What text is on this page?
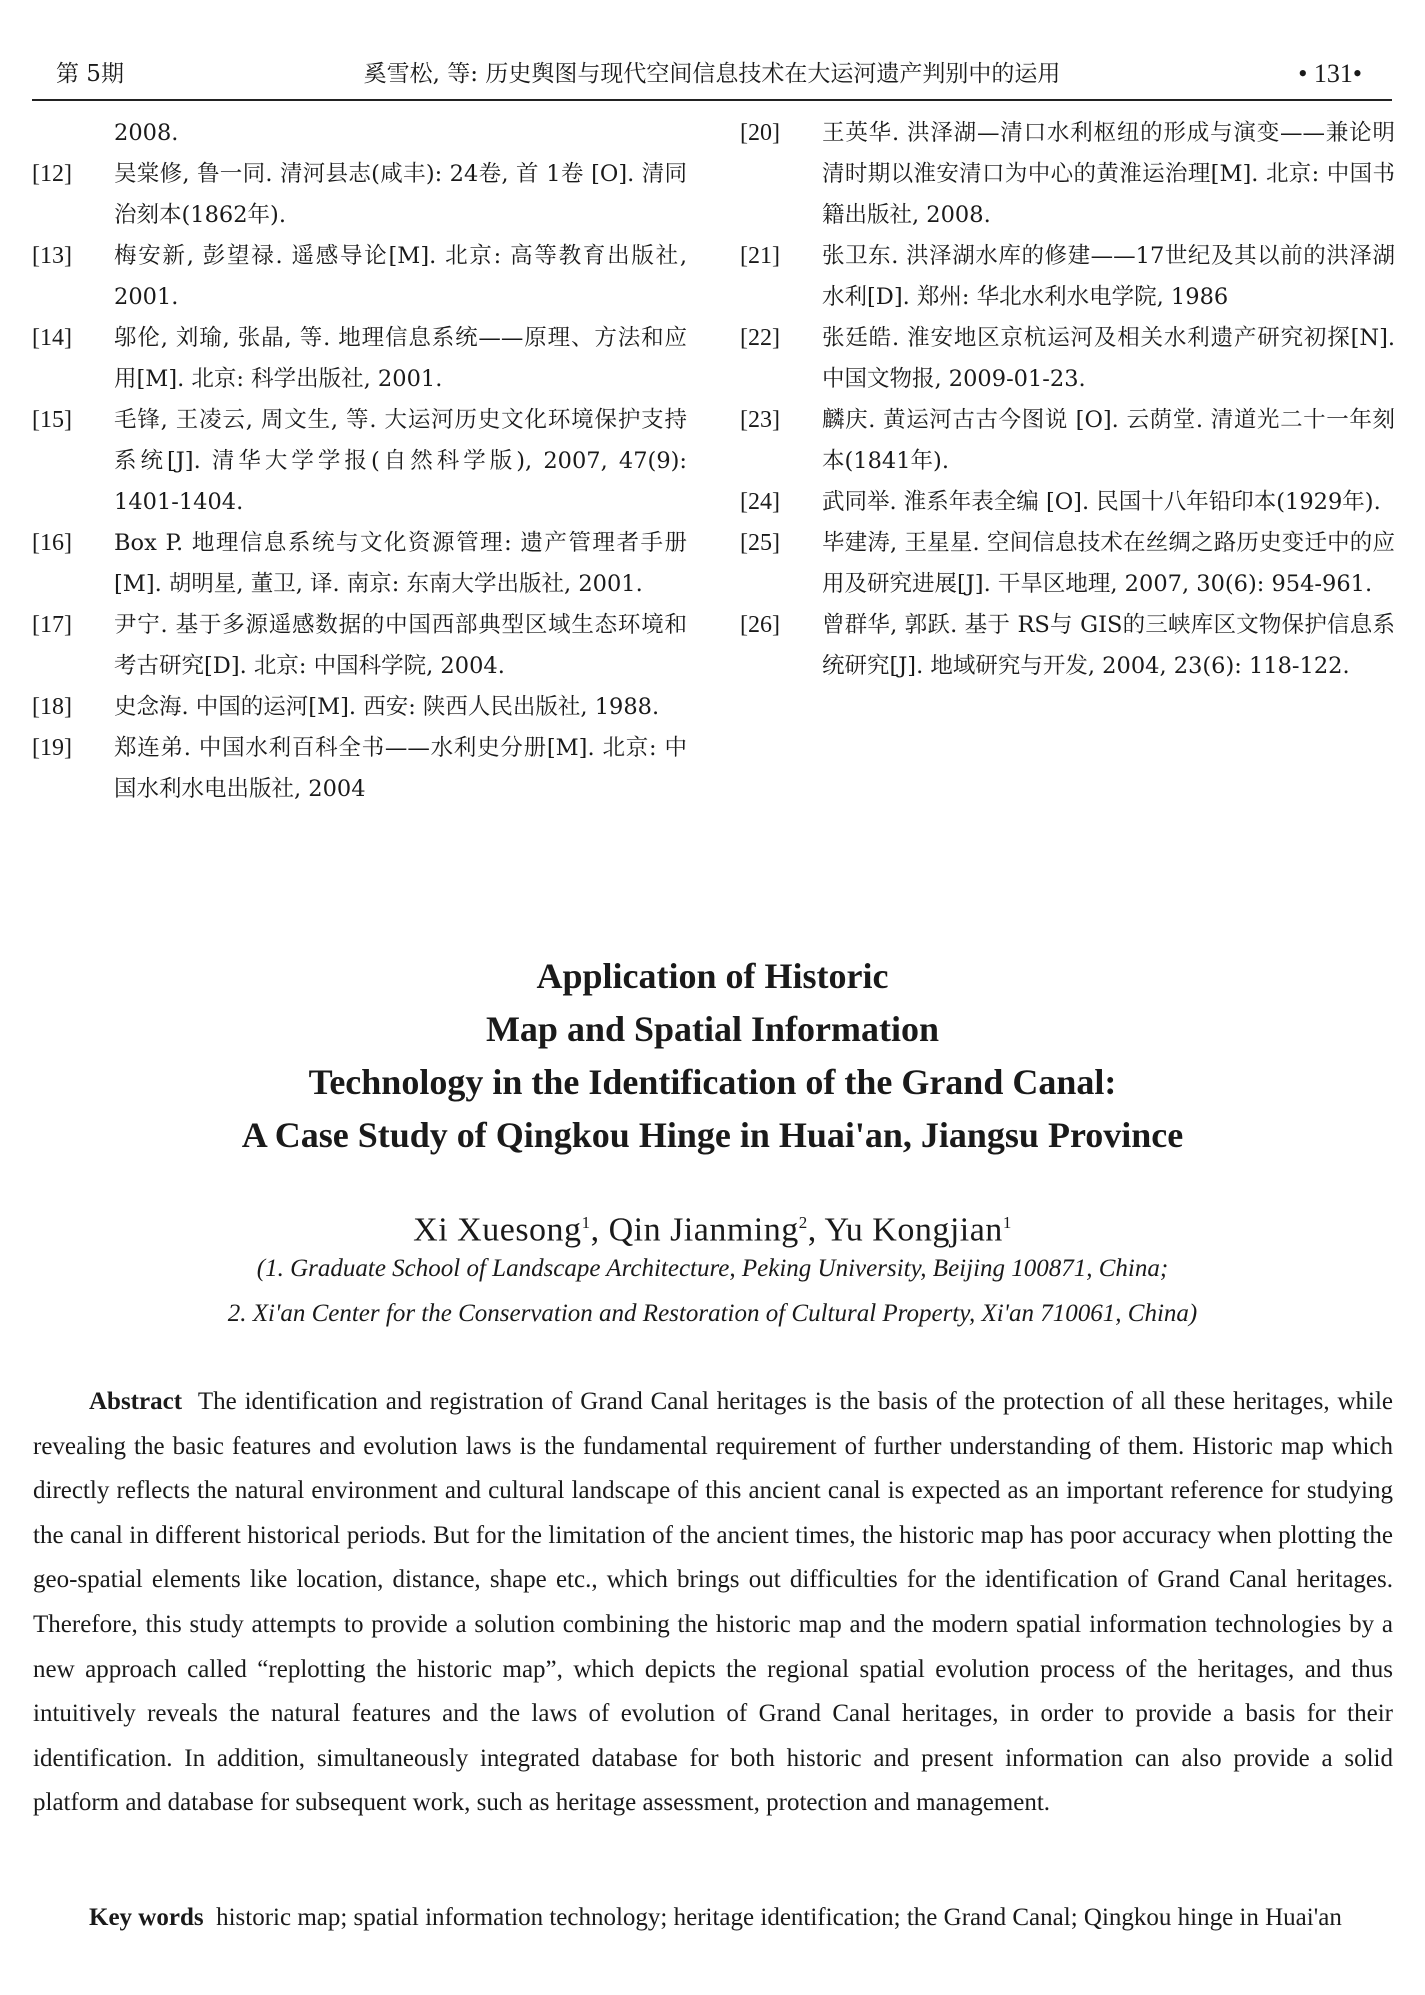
第 5期	奚雪松, 等: 历史舆图与现代空间信息技术在大运河遗产判别中的运用	• 131•
2008.
[12]	吴棠修, 鲁一同. 清河县志(咸丰): 24卷, 首 1卷 [O]. 清同治刻本(1862年).
[13]	梅安新, 彭望禄. 遥感导论[M]. 北京: 高等教育出版社, 2001.
[14]	邬伦, 刘瑜, 张晶, 等. 地理信息系统——原理、方法和应用[M]. 北京: 科学出版社, 2001.
[15]	毛锋, 王凌云, 周文生, 等. 大运河历史文化环境保护支持系统[J]. 清华大学学报(自然科学版), 2007, 47(9): 1401-1404.
[16]	Box P. 地理信息系统与文化资源管理: 遗产管理者手册[M]. 胡明星, 董卫, 译. 南京: 东南大学出版社, 2001.
[17]	尹宁. 基于多源遥感数据的中国西部典型区域生态环境和考古研究[D]. 北京: 中国科学院, 2004.
[18]	史念海. 中国的运河[M]. 西安: 陕西人民出版社, 1988.
[19]	郑连弟. 中国水利百科全书——水利史分册[M]. 北京: 中国水利水电出版社, 2004
[20]	王英华. 洪泽湖—清口水利枢纽的形成与演变——兼论明清时期以淮安清口为中心的黄淮运治理[M]. 北京: 中国书籍出版社, 2008.
[21]	张卫东. 洪泽湖水库的修建——17世纪及其以前的洪泽湖水利[D]. 郑州: 华北水利水电学院, 1986
[22]	张廷皓. 淮安地区京杭运河及相关水利遗产研究初探[N]. 中国文物报, 2009-01-23.
[23]	麟庆. 黄运河古古今图说 [O]. 云荫堂. 清道光二十一年刻本(1841年).
[24]	武同举. 淮系年表全编 [O]. 民国十八年铅印本(1929年).
[25]	毕建涛, 王星星. 空间信息技术在丝绸之路历史变迁中的应用及研究进展[J]. 干旱区地理, 2007, 30(6): 954-961.
[26]	曾群华, 郭跃. 基于 RS与 GIS的三峡库区文物保护信息系统研究[J]. 地域研究与开发, 2004, 23(6): 118-122.
Application of Historic
Map and Spatial Information
Technology in the Identification of the Grand Canal:
A Case Study of Qingkou Hinge in Huai'an, Jiangsu Province
Xi Xuesong$^1$, Qin Jianming$^2$, Yu Kongjian$^1$
(1. Graduate School of Landscape Architecture, Peking University, Beijing 100871, China;
2. Xi'an Center for the Conservation and Restoration of Cultural Property, Xi'an 710061, China)
Abstract The identification and registration of Grand Canal heritages is the basis of the protection of all these heritages, while revealing the basic features and evolution laws is the fundamental requirement of further understanding of them. Historic map which directly reflects the natural environment and cultural landscape of this ancient canal is expected as an important reference for studying the canal in different historical periods. But for the limitation of the ancient times, the historic map has poor accuracy when plotting the geo-spatial elements like location, distance, shape etc., which brings out difficulties for the identification of Grand Canal heritages. Therefore, this study attempts to provide a solution combining the historic map and the modern spatial information technologies by a new approach called “replotting the historic map”, which depicts the regional spatial evolution process of the heritages, and thus intuitively reveals the natural features and the laws of evolution of Grand Canal heritages, in order to provide a basis for their identification. In addition, simultaneously integrated database for both historic and present information can also provide a solid platform and database for subsequent work, such as heritage assessment, protection and management.
Key words historic map; spatial information technology; heritage identification; the Grand Canal; Qingkou hinge in Huai'an
